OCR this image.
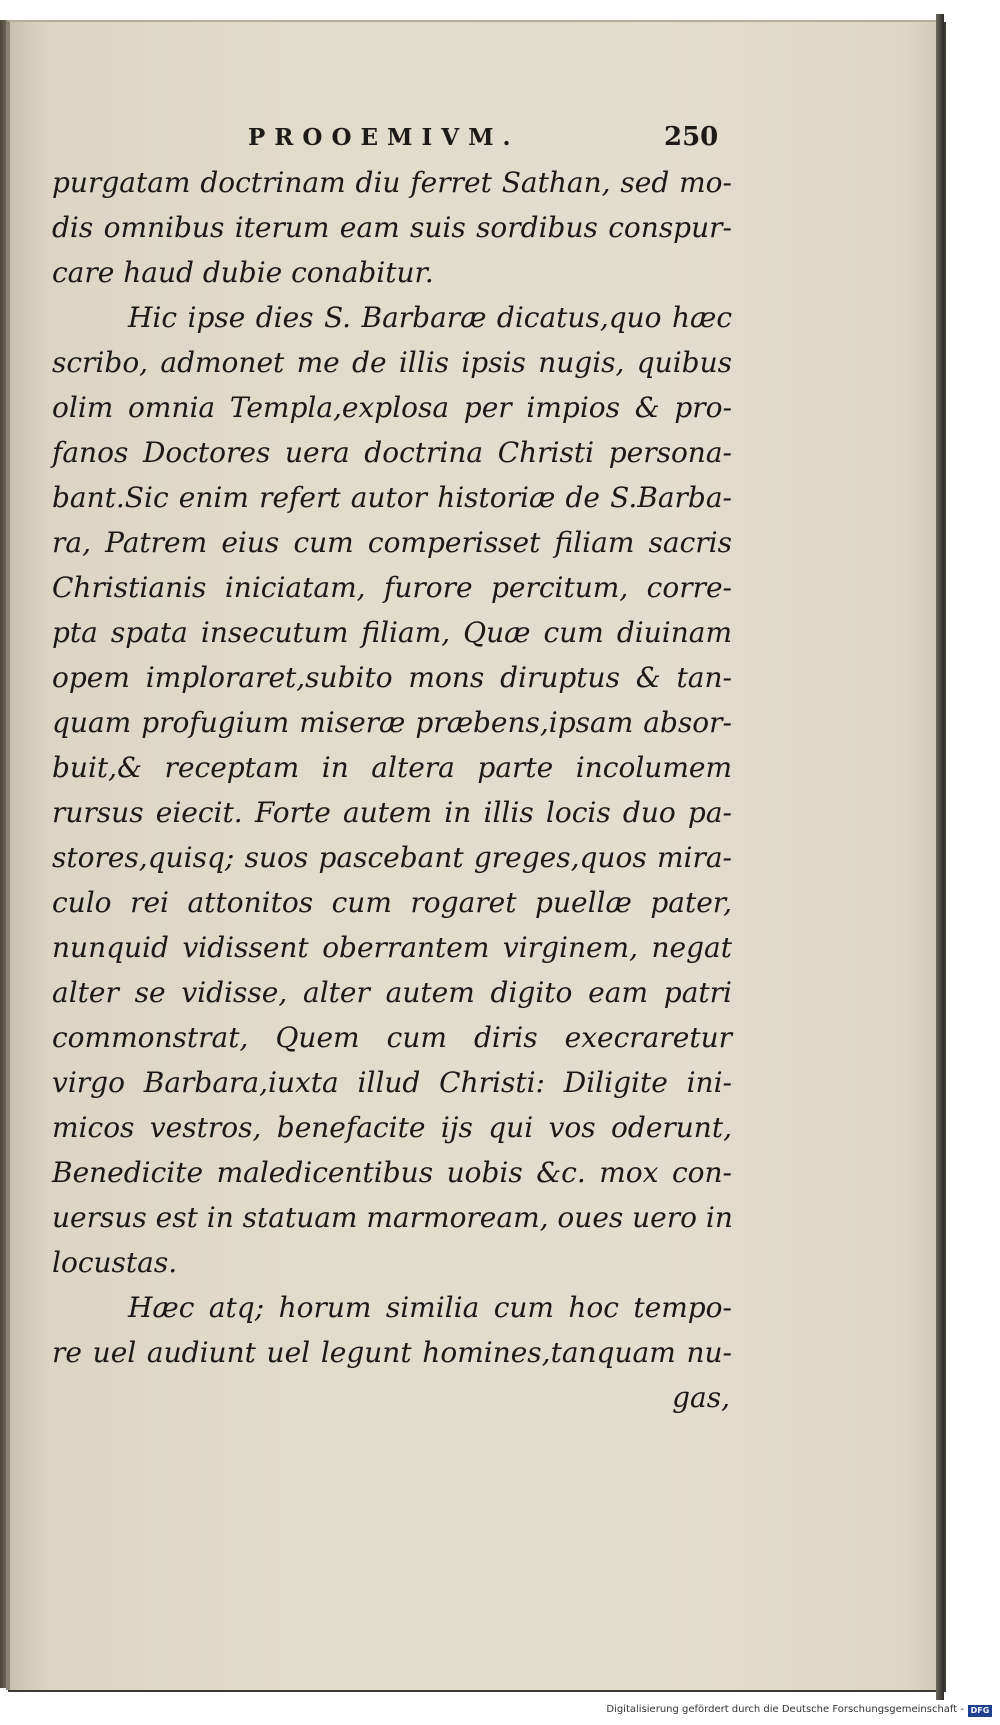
PROOEMIVM.	250
purgatam doctrinam diu ferret Sathan, sed mo-
dis omnibus iterum eam suis sordibus conspur-
care haud dubie conabitur.
Hic ipse dies S. Barbaræ dicatus,quo hæc
scribo, admonet me de illis ipsis nugis, quibus
olim omnia Templa,explosa per impios & pro-
fanos Doctores uera doctrina Christi persona-
bant.Sic enim refert autor historiæ de S.Barba-
ra, Patrem eius cum comperisset filiam sacris
Christianis iniciatam, furore percitum, corre-
pta spata insecutum filiam, Quæ cum diuinam
opem imploraret,subito mons diruptus & tan-
quam profugium miseræ præbens,ipsam absor-
buit,& receptam in altera parte incolumem
rursus eiecit. Forte autem in illis locis duo pa-
stores,quisq; suos pascebant greges,quos mira-
culo rei attonitos cum rogaret puellæ pater,
nunquid vidissent oberrantem virginem, negat
alter se vidisse, alter autem digito eam patri
commonstrat, Quem cum diris execraretur
virgo Barbara,iuxta illud Christi: Diligite ini-
micos vestros, benefacite ijs qui vos oderunt,
Benedicite maledicentibus uobis &c. mox con-
uersus est in statuam marmoream, oues uero in
locustas.
Hæc atq; horum similia cum hoc tempo-
re uel audiunt uel legunt homines,tanquam nu-
gas,
Digitalisierung gefördert durch die Deutsche Forschungsgemeinschaft - DFG
